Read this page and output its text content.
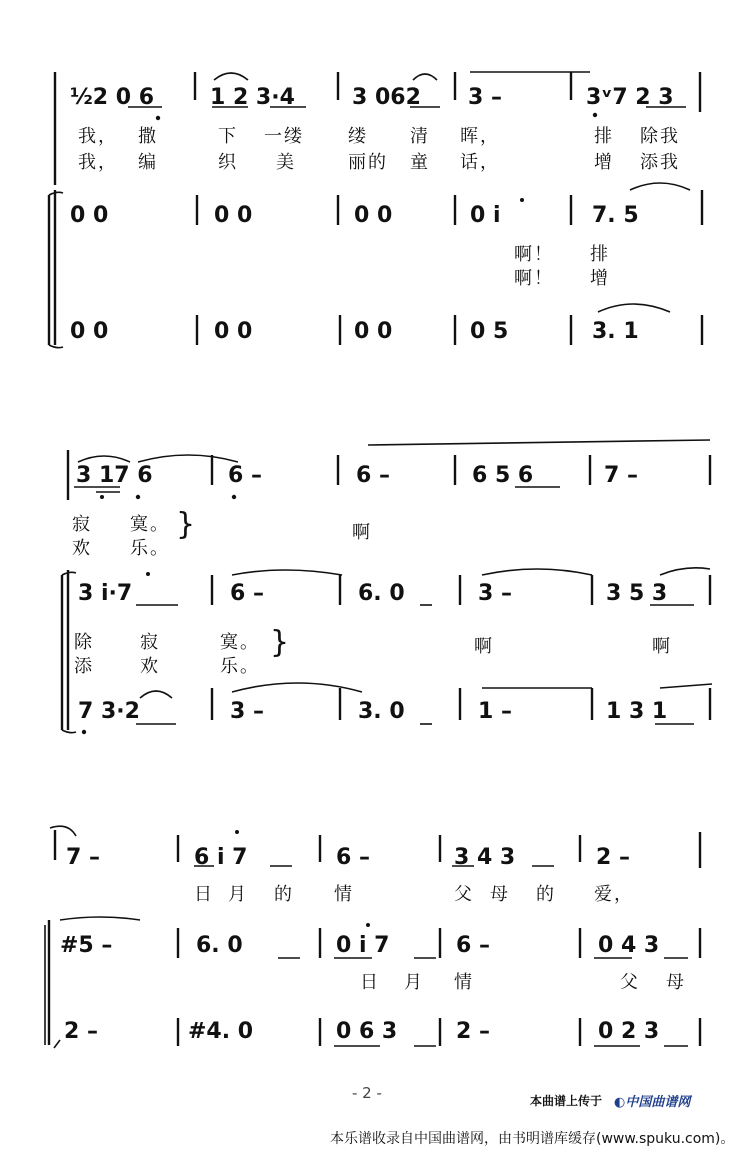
½2 0 6	1 2 3·4	3 062 3 –	3ᵛ7 2 3
我， 撒	下 一缕 缕 清 晖，	排 除我
我， 编	织 美	丽的 童 话，	增 添我
0 0	0 0	0 0	0 i	7. 5
啊！ 排
啊！ 增
0 0	0 0	0 0	0 5	3. 1
3 17 6	6 –	6 –	6 5 6	7 –
寂 寞。	啊
欢 乐。
}
3 i·7	6 –	6. 0	3 –	3 5 3
除	寂	寞。	啊	啊
添	欢	乐。
}
7 3·2	3 –	3. 0	1 –	1 3 1
7 –	6 i 7	6 –	3 4 3	2 –
日 月 的 情	父 母 的 爱，
#5 –	6. 0	0 i 7	6 –	0 4 3
日 月 情	父 母
2 –	#4. 0	0 6 3	2 –	0 2 3
- 2 -	本曲谱上传于 ◐中国曲谱网
本乐谱收录自中国曲谱网，由书明谱库缓存(www.spuku.com)。
